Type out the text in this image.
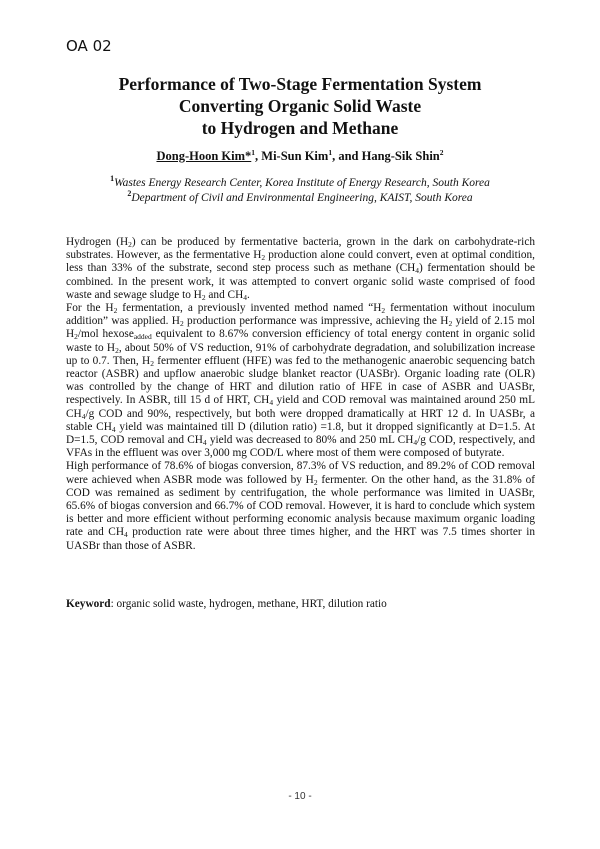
OA 02
Performance of Two-Stage Fermentation System
Converting Organic Solid Waste
to Hydrogen and Methane
Dong-Hoon Kim*$^1$, Mi-Sun Kim$^1$, and Hang-Sik Shin$^2$
$^1$Wastes Energy Research Center, Korea Institute of Energy Research, South Korea
$^2$Department of Civil and Environmental Engineering, KAIST, South Korea

Hydrogen $(H_2)$ can be produced by fermentative bacteria, grown in the dark on carbohydrate-rich substrates. However, as the fermentative $H_2$ production alone could convert, even at optimal condition, less than 33% of the substrate, second step process such as methane $(CH_4)$ fermentation should be combined. In the present work, it was attempted to convert organic solid waste comprised of food waste and sewage sludge to $H_2$ and $CH_4$.

For the $H_2$ fermentation, a previously invented method named “$H_2$ fermentation without inoculum addition” was applied. $H_2$ production performance was impressive, achieving the $H_2$ yield of 2.15 mol $H_2$/mol hexose$_{added}$ equivalent to 8.67% conversion efficiency of total energy content in organic solid waste to $H_2$, about 50% of VS reduction, 91% of carbohydrate degradation, and solubilization increase up to 0.7. Then, $H_2$ fermenter effluent (HFE) was fed to the methanogenic anaerobic sequencing batch reactor (ASBR) and upflow anaerobic sludge blanket reactor (UASBr). Organic loading rate (OLR) was controlled by the change of HRT and dilution ratio of HFE in case of ASBR and UASBr, respectively. In ASBR, till 15 d of HRT, $CH_4$ yield and COD removal was maintained around 250 mL $CH_4/g$ COD and 90%, respectively, but both were dropped dramatically at HRT 12 d. In UASBr, a stable $CH_4$ yield was maintained till D (dilution ratio) =1.8, but it dropped significantly at D=1.5. At D=1.5, COD removal and $CH_4$ yield was decreased to 80% and 250 mL $CH_4/g$ COD, respectively, and VFAs in the effluent was over 3,000 mg COD/L where most of them were composed of butyrate.

High performance of 78.6% of biogas conversion, 87.3% of VS reduction, and 89.2% of COD removal were achieved when ASBR mode was followed by $H_2$ fermenter. On the other hand, as the 31.8% of COD was remained as sediment by centrifugation, the whole performance was limited in UASBr, 65.6% of biogas conversion and 66.7% of COD removal. However, it is hard to conclude which system is better and more efficient without performing economic analysis because maximum organic loading rate and $CH_4$ production rate were about three times higher, and the HRT was 7.5 times shorter in UASBr than those of ASBR.

Keyword: organic solid waste, hydrogen, methane, HRT, dilution ratio
- 10 -
